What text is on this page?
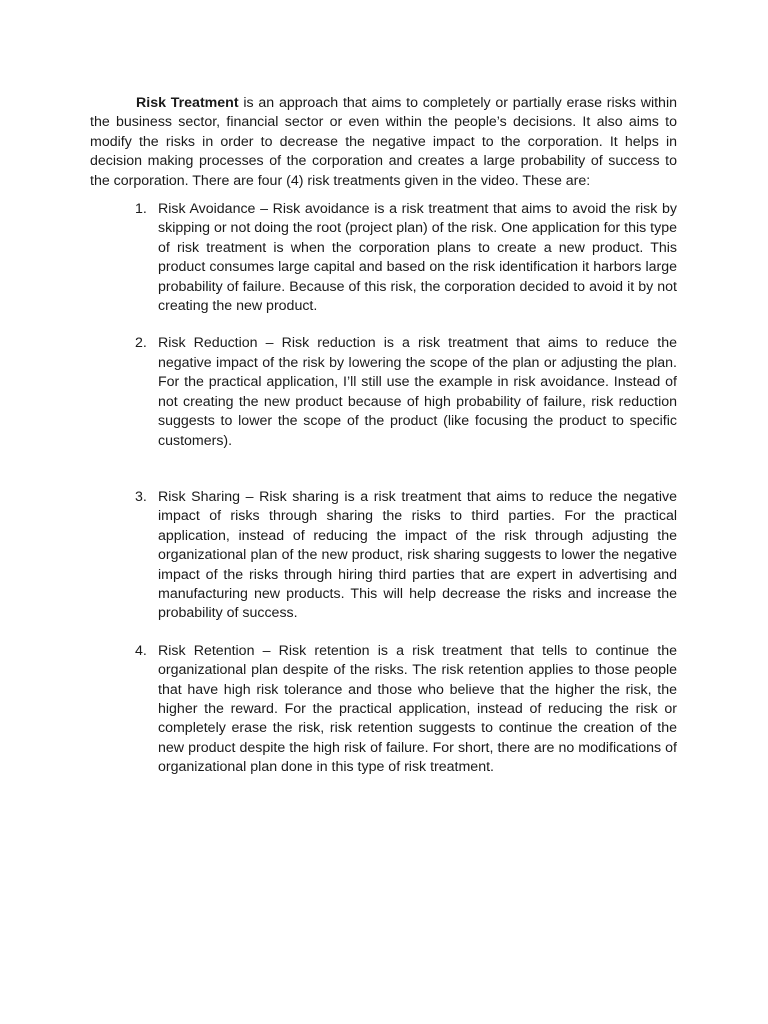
Risk Treatment is an approach that aims to completely or partially erase risks within the business sector, financial sector or even within the people’s decisions. It also aims to modify the risks in order to decrease the negative impact to the corporation. It helps in decision making processes of the corporation and creates a large probability of success to the corporation. There are four (4) risk treatments given in the video. These are:

1. Risk Avoidance – Risk avoidance is a risk treatment that aims to avoid the risk by skipping or not doing the root (project plan) of the risk. One application for this type of risk treatment is when the corporation plans to create a new product. This product consumes large capital and based on the risk identification it harbors large probability of failure. Because of this risk, the corporation decided to avoid it by not creating the new product.
2. Risk Reduction – Risk reduction is a risk treatment that aims to reduce the negative impact of the risk by lowering the scope of the plan or adjusting the plan. For the practical application, I’ll still use the example in risk avoidance. Instead of not creating the new product because of high probability of failure, risk reduction suggests to lower the scope of the product (like focusing the product to specific customers).
3. Risk Sharing – Risk sharing is a risk treatment that aims to reduce the negative impact of risks through sharing the risks to third parties. For the practical application, instead of reducing the impact of the risk through adjusting the organizational plan of the new product, risk sharing suggests to lower the negative impact of the risks through hiring third parties that are expert in advertising and manufacturing new products. This will help decrease the risks and increase the probability of success.
4. Risk Retention – Risk retention is a risk treatment that tells to continue the organizational plan despite of the risks. The risk retention applies to those people that have high risk tolerance and those who believe that the higher the risk, the higher the reward. For the practical application, instead of reducing the risk or completely erase the risk, risk retention suggests to continue the creation of the new product despite the high risk of failure. For short, there are no modifications of organizational plan done in this type of risk treatment.
